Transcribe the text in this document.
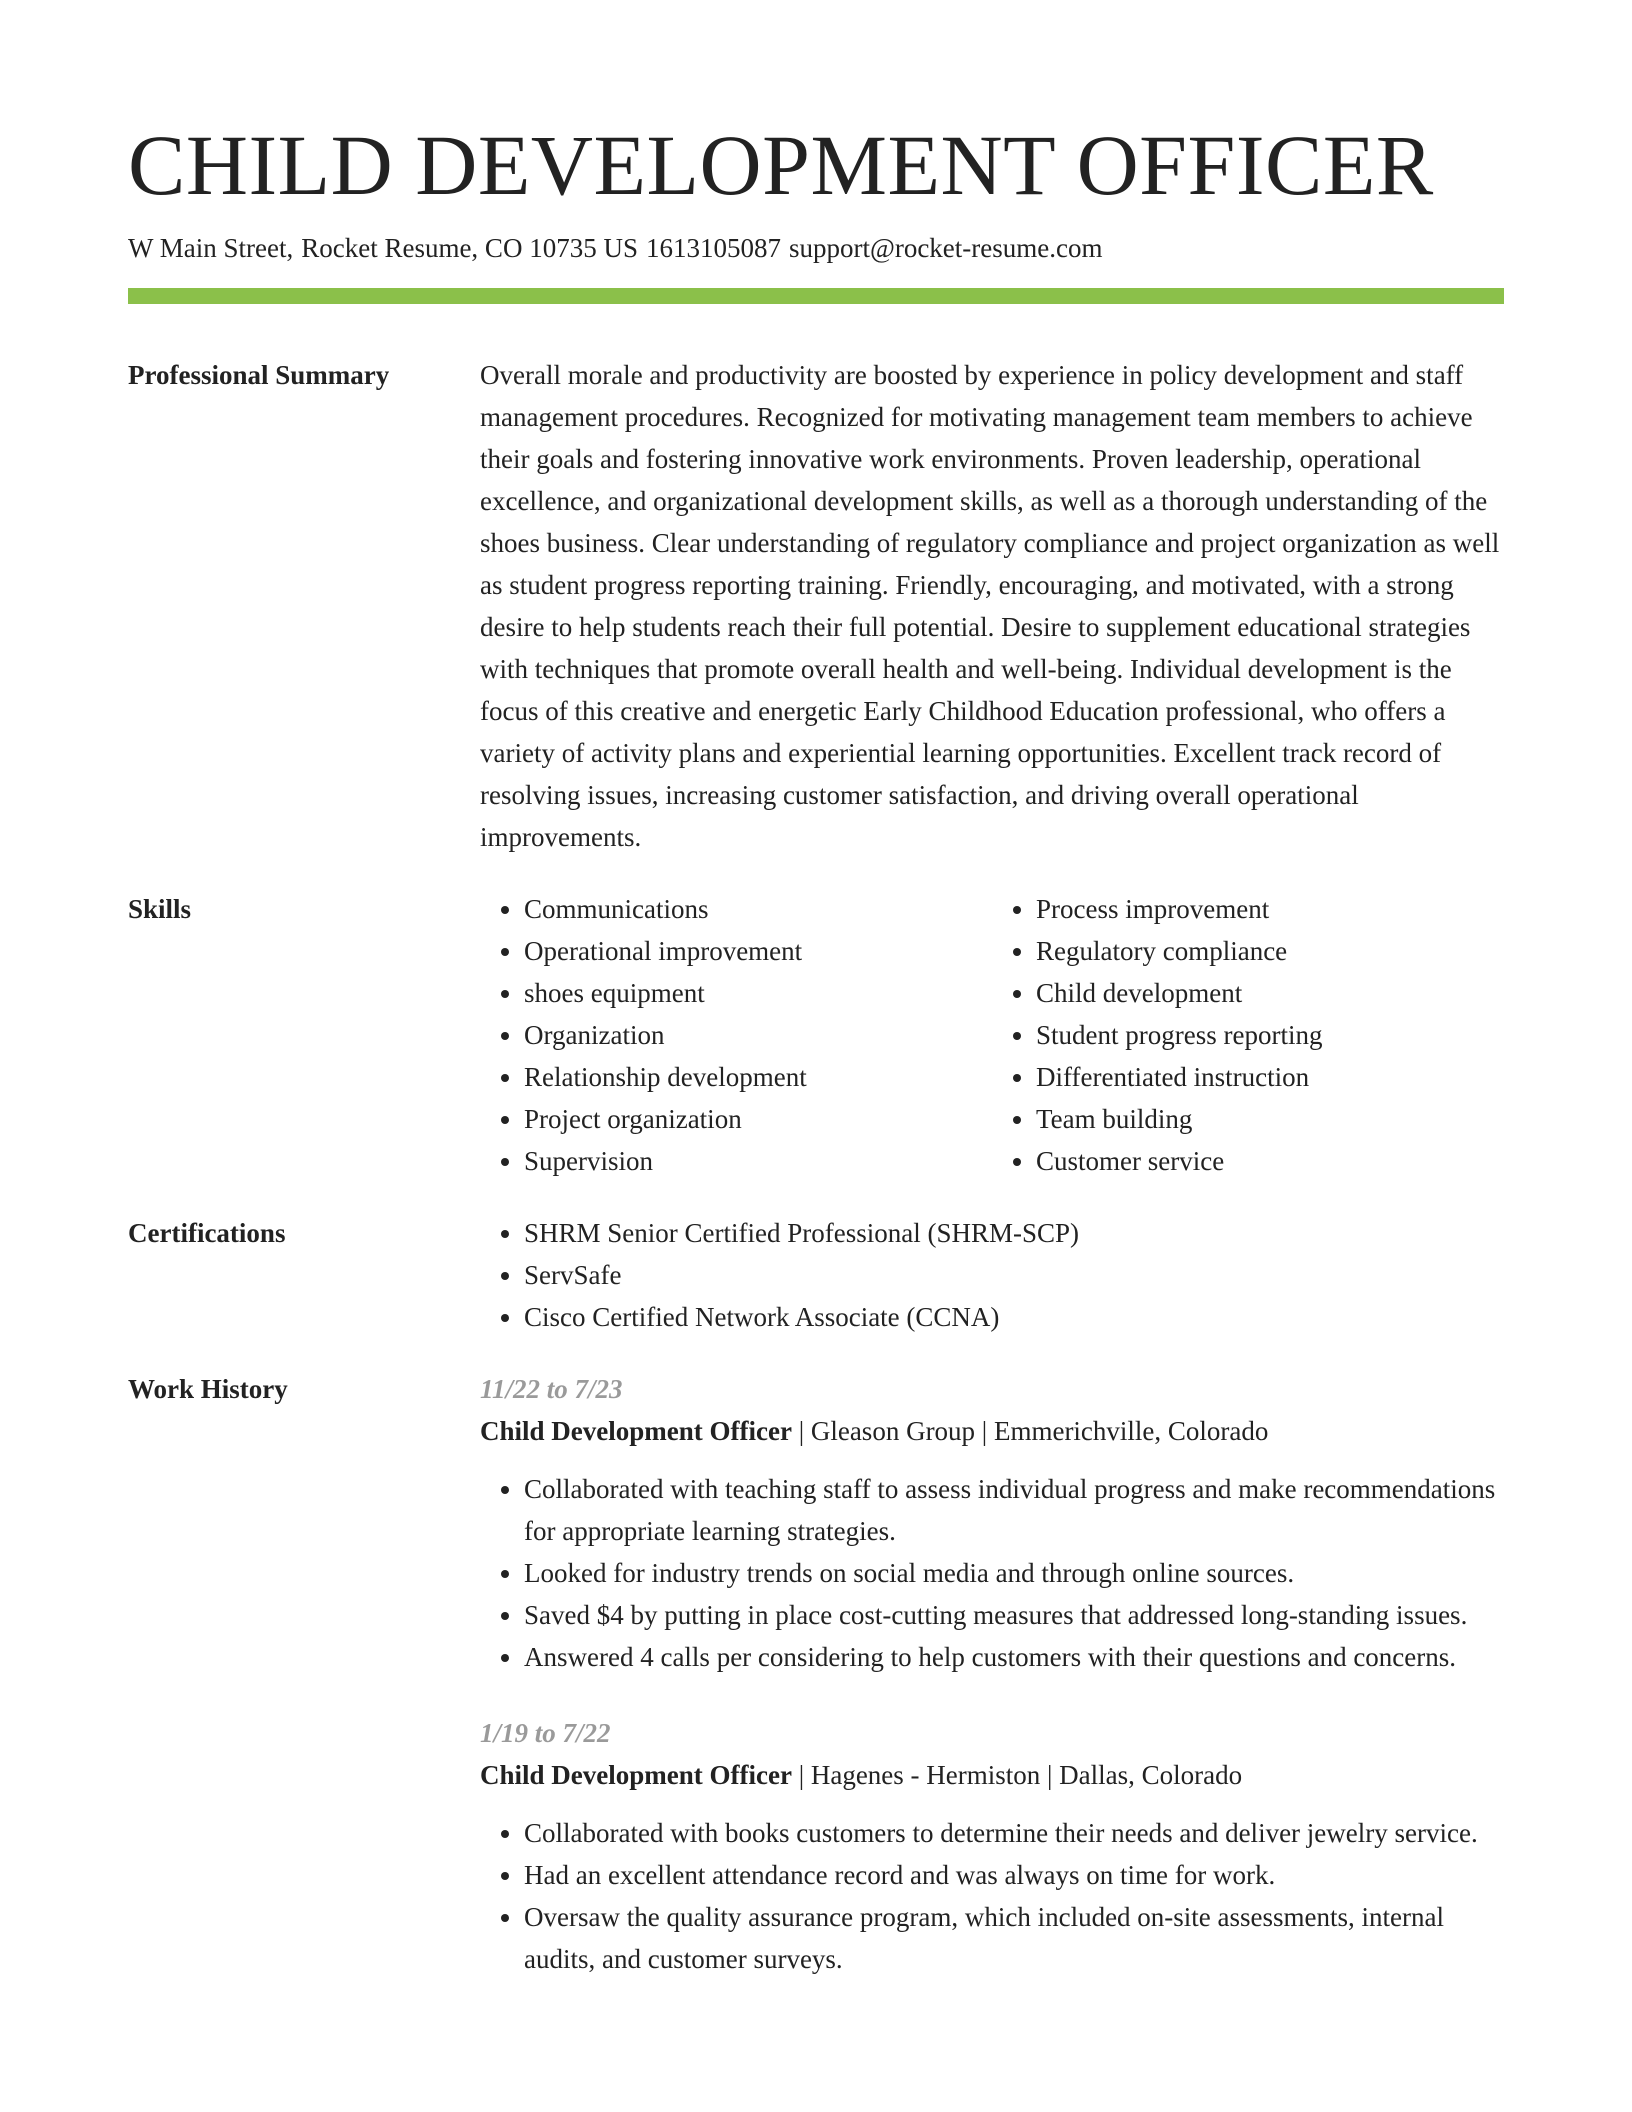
CHILD DEVELOPMENT OFFICER
W Main Street, Rocket Resume, CO 10735 US 1613105087 support@rocket-resume.com
Professional Summary	Overall morale and productivity are boosted by experience in policy development and staff management procedures. Recognized for motivating management team members to achieve their goals and fostering innovative work environments. Proven leadership, operational excellence, and organizational development skills, as well as a thorough understanding of the shoes business. Clear understanding of regulatory compliance and project organization as well as student progress reporting training. Friendly, encouraging, and motivated, with a strong desire to help students reach their full potential. Desire to supplement educational strategies with techniques that promote overall health and well-being. Individual development is the focus of this creative and energetic Early Childhood Education professional, who offers a variety of activity plans and experiential learning opportunities. Excellent track record of resolving issues, increasing customer satisfaction, and driving overall operational improvements.

Skills	• Communications
• Operational improvement
• shoes equipment
• Organization
• Relationship development
• Project organization
• Supervision
• Process improvement
• Regulatory compliance
• Child development
• Student progress reporting
• Differentiated instruction
• Team building
• Customer service
Certifications	• SHRM Senior Certified Professional (SHRM-SCP)
• ServSafe
• Cisco Certified Network Associate (CCNA)
Work History	11/22 to 7/23
Child Development Officer | Gleason Group | Emmerichville, Colorado
• Collaborated with teaching staff to assess individual progress and make recommendations for appropriate learning strategies.
• Looked for industry trends on social media and through online sources.
• Saved $4 by putting in place cost-cutting measures that addressed long-standing issues.
• Answered 4 calls per considering to help customers with their questions and concerns.
1/19 to 7/22
Child Development Officer | Hagenes - Hermiston | Dallas, Colorado
• Collaborated with books customers to determine their needs and deliver jewelry service.
• Had an excellent attendance record and was always on time for work.
• Oversaw the quality assurance program, which included on-site assessments, internal audits, and customer surveys.
